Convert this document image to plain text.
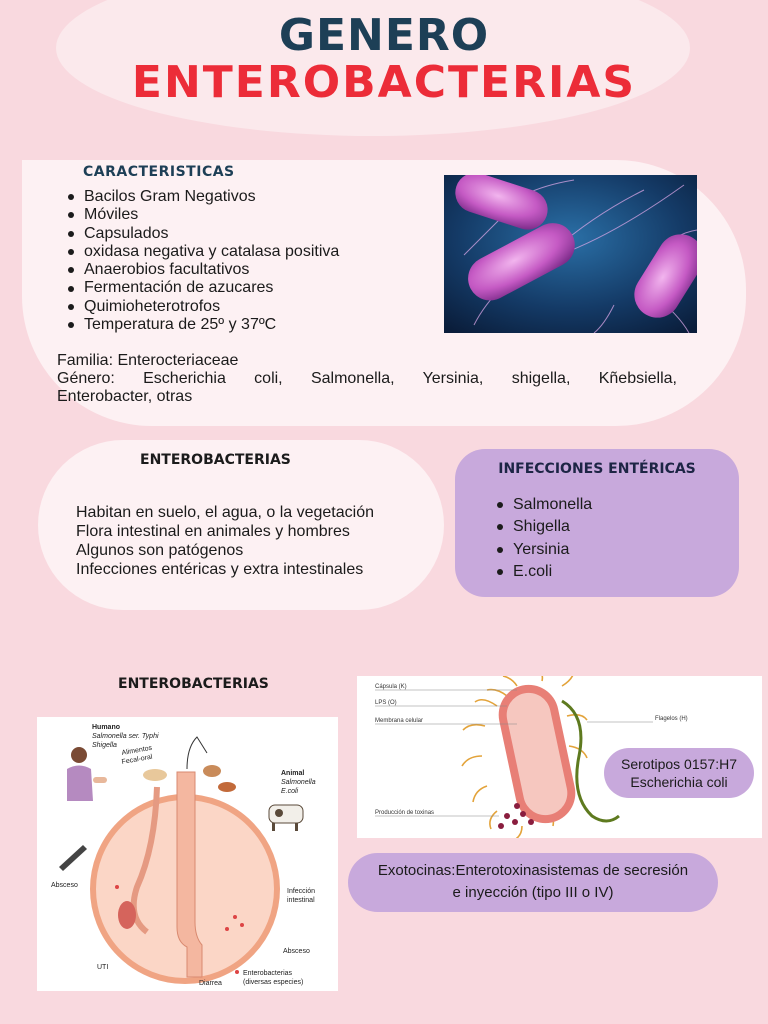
GENERO
ENTEROBACTERIAS
CARACTERISTICAS
Bacilos Gram Negativos
Móviles
Capsulados
oxidasa negativa y catalasa positiva
Anaerobios facultativos
Fermentación de azucares
Quimioheterotrofos
Temperatura de 25º y 37ºC

Familia: Enterocteriaceae

Género: Escherichia coli, Salmonella, Yersinia, shigella, Kñebsiella,

Enterobacter, otras

ENTEROBACTERIAS

Habitan en suelo, el agua, o la vegetación

Flora intestinal en animales y hombres

Algunos son patógenos

Infecciones entéricas y extra intestinales

INFECCIONES ENTÉRICAS
Salmonella
Shigella
Yersinia
E.coli
ENTEROBACTERIAS
Humano
Salmonella ser. Typhi
Shigella Alimentos
Fecal-oral
Animal
Salmonella
E.coli
Absceso
Infección
intestinal
Absceso
UTI
Diarrea
Enterobacterias
(diversas especies)
Cápsula (K)
LPS (O)
Membrana celular	Flagelos (H)
Producción de toxinas
Serotipos 0157:H7
Escherichia coli
Exotocinas:Enterotoxinasistemas de secresión
e inyección (tipo III o IV)
